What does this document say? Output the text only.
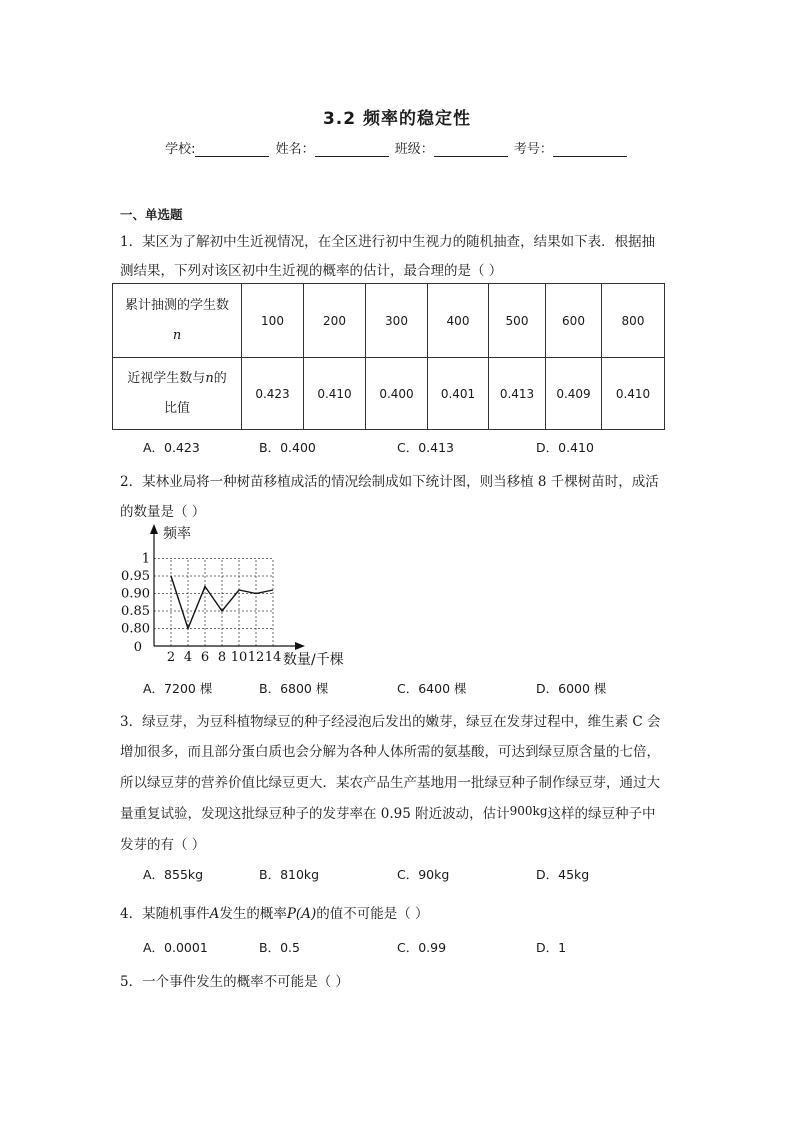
3.2 频率的稳定性
学校:	姓名：	班级：	考号：
一、单选题
1．某区为了解初中生近视情况，在全区进行初中生视力的随机抽查，结果如下表．根据抽
测结果，下列对该区初中生近视的概率的估计，最合理的是（ ）
累计抽测的学生数
n	100	200	300	400	500	600	800

近视学生数与n的
比值	0.423	0.410	0.400	0.401	0.413	0.409	0.410
A．0.423	B．0.400	C．0.413	D．0.410
2．某林业局将一种树苗移植成活的情况绘制成如下统计图，则当移植 8 千棵树苗时，成活
的数量是（ ）
0.80
0.85
0.90
0.95
1
2 4 6 8 10 12 14
频率
数量/千棵
0
A．7200 棵	B．6800 棵	C．6400 棵	D．6000 棵
3．绿豆芽，为豆科植物绿豆的种子经浸泡后发出的嫩芽，绿豆在发芽过程中，维生素 C 会
增加很多，而且部分蛋白质也会分解为各种人体所需的氨基酸，可达到绿豆原含量的七倍，
所以绿豆芽的营养价值比绿豆更大．某农产品生产基地用一批绿豆种子制作绿豆芽，通过大
量重复试验，发现这批绿豆种子的发芽率在 0.95 附近波动，估计900kg这样的绿豆种子中
发芽的有（ ）
A．855kg	B．810kg	C．90kg	D．45kg
4．某随机事件A发生的概率P(A)的值不可能是（ ）
A．0.0001	B．0.5	C．0.99	D．1
5．一个事件发生的概率不可能是（ ）
